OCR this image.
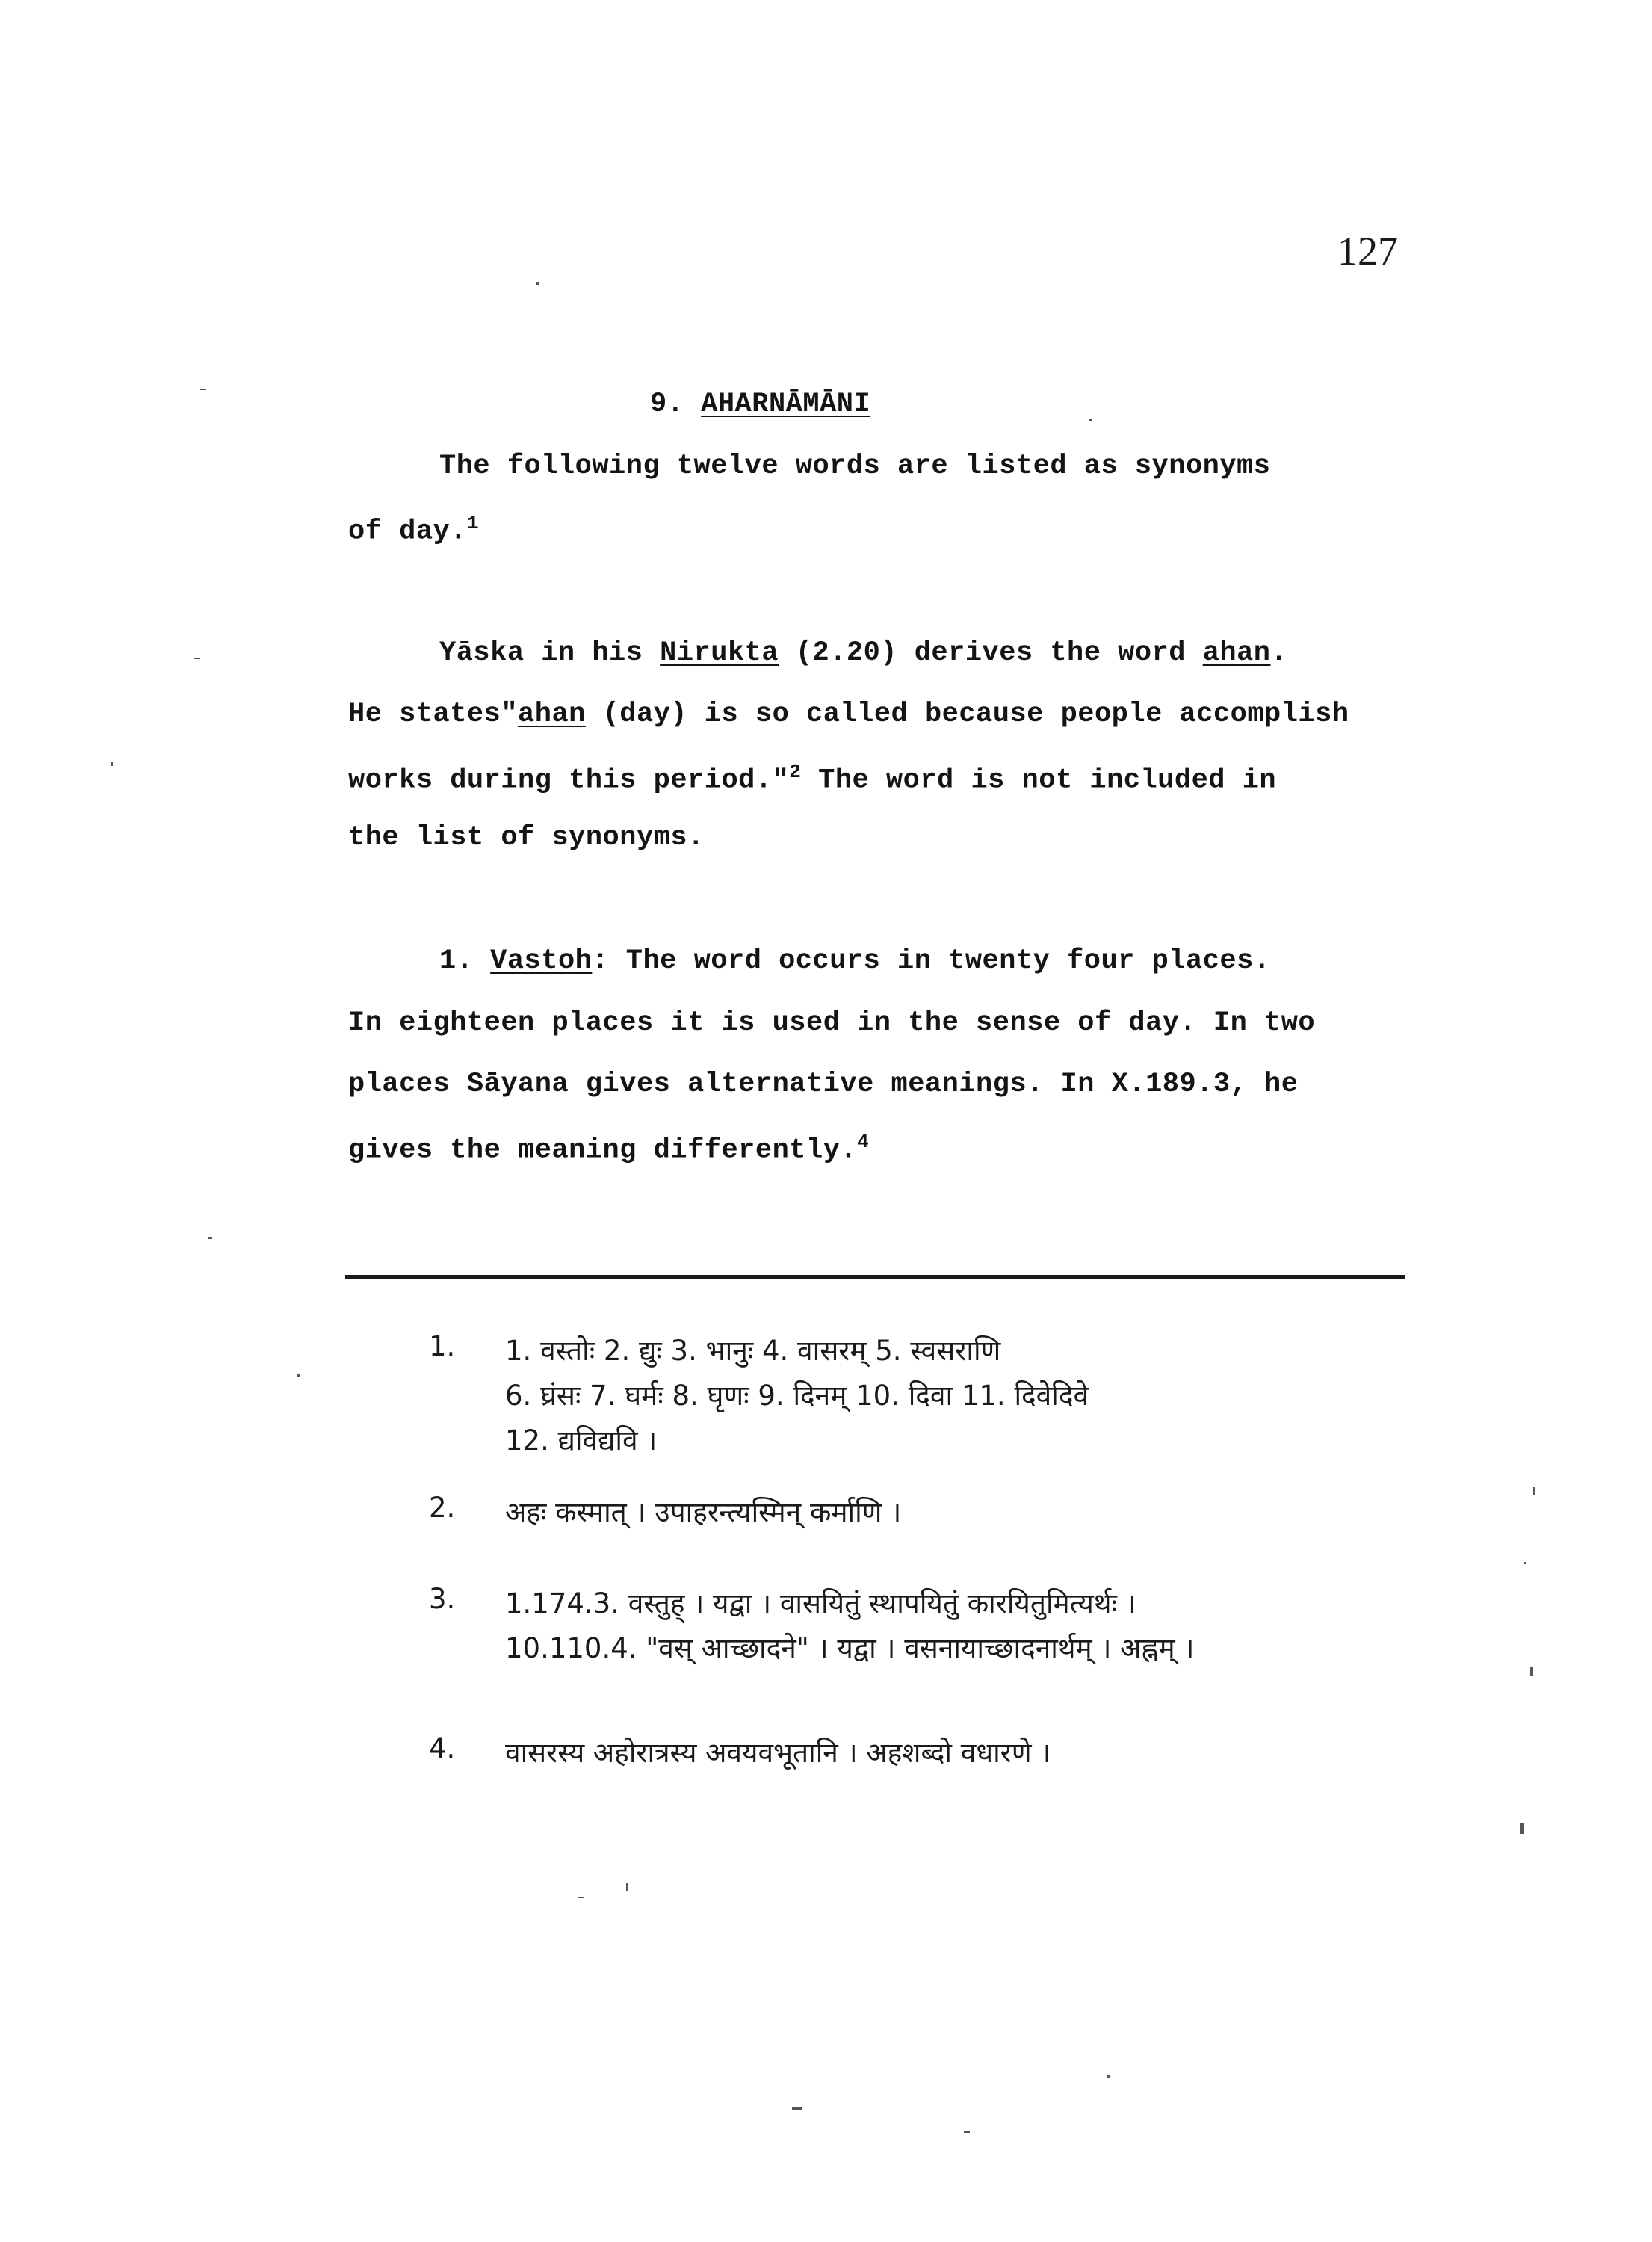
127
9. AHARNĀMĀNI
The following twelve words are listed as synonyms
of day.$^1$
Yāska in his Nirukta (2.20) derives the word ahan.
He states"ahan (day) is so called because people accomplish
works during this period."$^2$ The word is not included in
the list of synonyms.
1. Vastoh: The word occurs in twenty four places.
In eighteen places it is used in the sense of day. In two
places Sāyana gives alternative meanings. In X.189.3, he
gives the meaning differently.$^4$
1. 1. वस्तोः 2. द्युः 3. भानुः 4. वासरम् 5. स्वसराणि
6. घ्रंसः 7. घर्मः 8. घृणः 9. दिनम् 10. दिवा 11. दिवेदिवे
12. द्यविद्यवि ।
2. अहः कस्मात् । उपाहरन्त्यस्मिन् कर्माणि ।
3. 1.174.3. वस्तुह् । यद्वा । वासयितुं स्थापयितुं कारयितुमित्यर्थः ।
10.110.4. "वस् आच्छादने" । यद्वा । वसनायाच्छादनार्थम् । अह्नम् ।
4. वासरस्य अहोरात्रस्य अवयवभूतानि । अहशब्दो वधारणे ।
